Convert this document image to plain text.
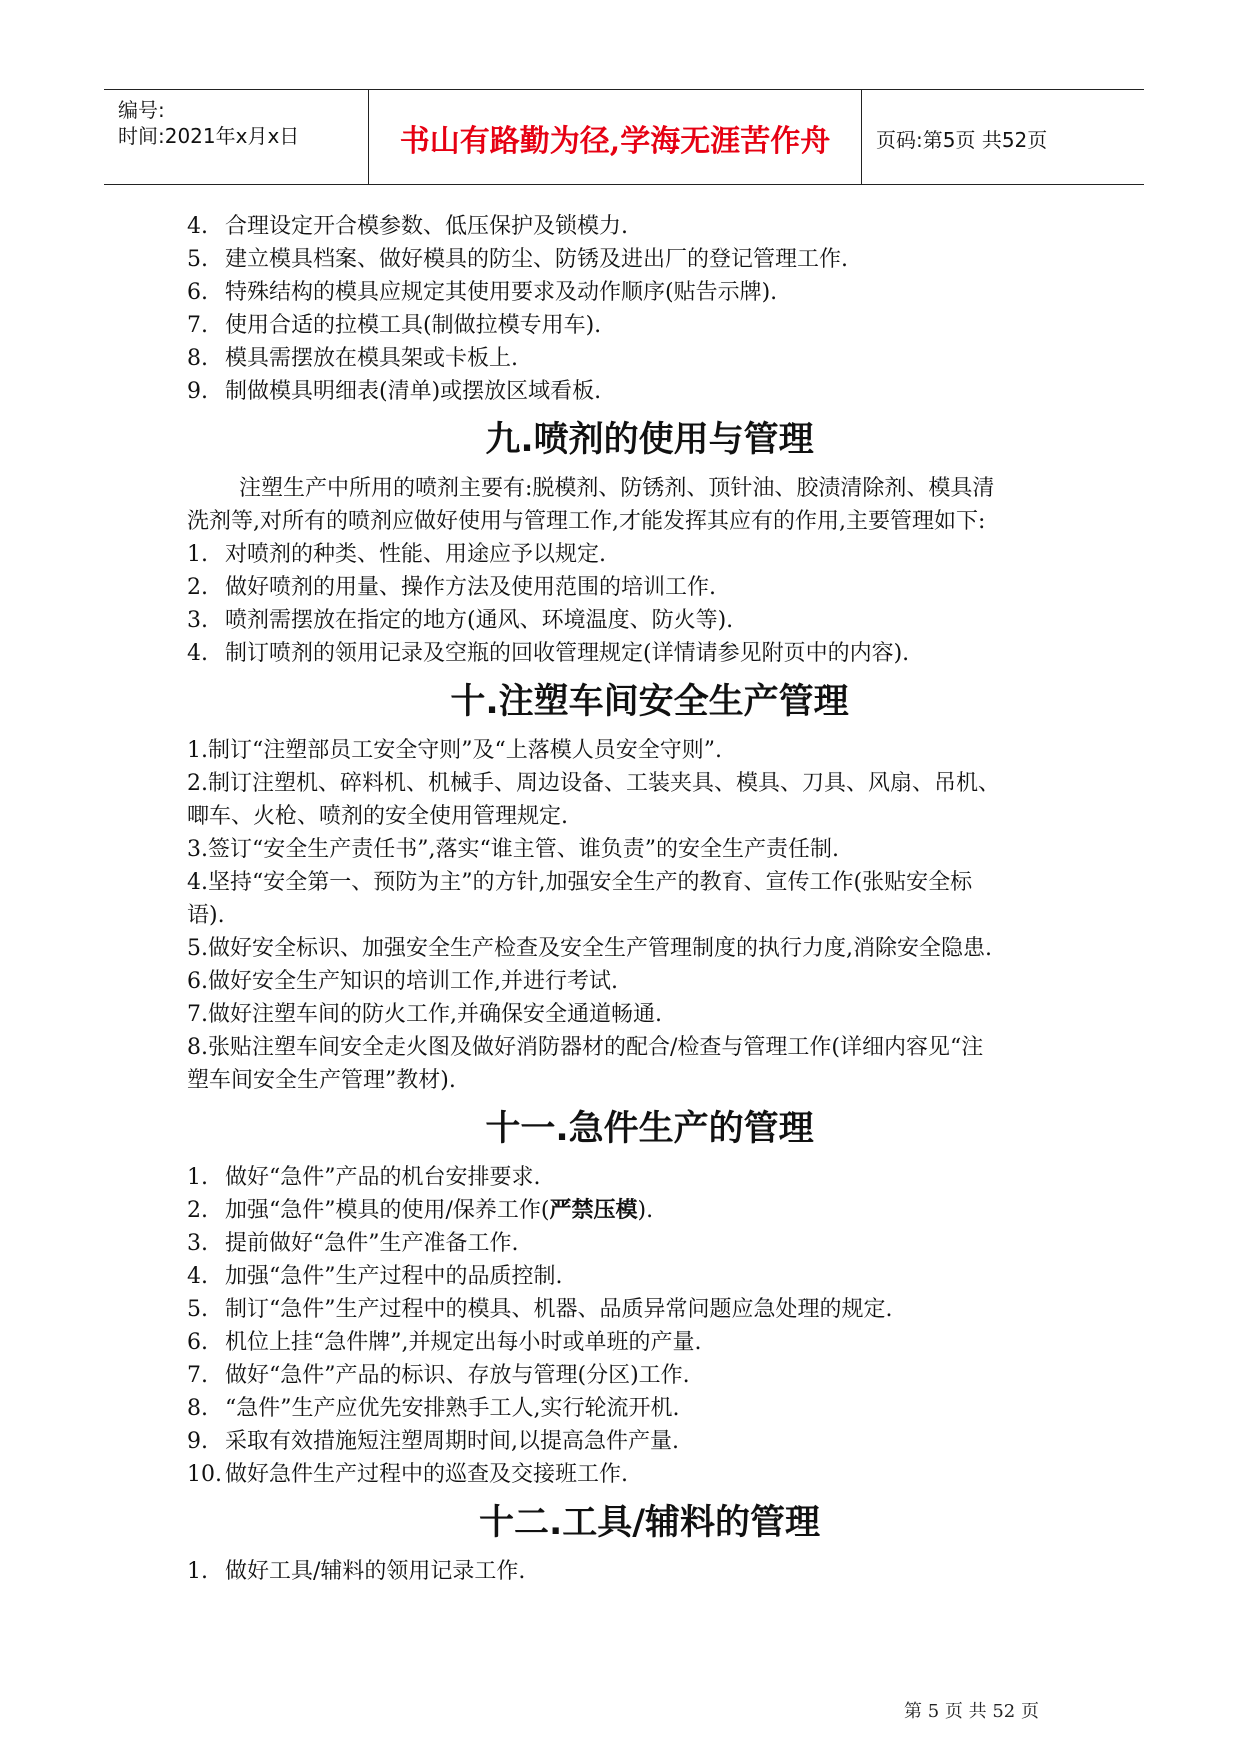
编号:
时间:2021年x月x日	书山有路勤为径,学海无涯苦作舟	页码:第5页 共52页
4. 合理设定开合模参数、低压保护及锁模力.
5. 建立模具档案、做好模具的防尘、防锈及进出厂的登记管理工作.
6. 特殊结构的模具应规定其使用要求及动作顺序(贴告示牌).
7. 使用合适的拉模工具(制做拉模专用车).
8. 模具需摆放在模具架或卡板上.
9. 制做模具明细表(清单)或摆放区域看板.
九.喷剂的使用与管理
注塑生产中所用的喷剂主要有:脱模剂、防锈剂、顶针油、胶渍清除剂、模具清
洗剂等,对所有的喷剂应做好使用与管理工作,才能发挥其应有的作用,主要管理如下:
1. 对喷剂的种类、性能、用途应予以规定.
2. 做好喷剂的用量、操作方法及使用范围的培训工作.
3. 喷剂需摆放在指定的地方(通风、环境温度、防火等).
4. 制订喷剂的领用记录及空瓶的回收管理规定(详情请参见附页中的内容).
十.注塑车间安全生产管理
1.制订“注塑部员工安全守则”及“上落模人员安全守则”.
2.制订注塑机、碎料机、机械手、周边设备、工装夹具、模具、刀具、风扇、吊机、
唧车、火枪、喷剂的安全使用管理规定.
3.签订“安全生产责任书”,落实“谁主管、谁负责”的安全生产责任制.
4.坚持“安全第一、预防为主”的方针,加强安全生产的教育、宣传工作(张贴安全标
语).
5.做好安全标识、加强安全生产检查及安全生产管理制度的执行力度,消除安全隐患.
6.做好安全生产知识的培训工作,并进行考试.
7.做好注塑车间的防火工作,并确保安全通道畅通.
8.张贴注塑车间安全走火图及做好消防器材的配合/检查与管理工作(详细内容见“注
塑车间安全生产管理”教材).
十一.急件生产的管理
1. 做好“急件”产品的机台安排要求.
2. 加强“急件”模具的使用/保养工作(严禁压模).
3. 提前做好“急件”生产准备工作.
4. 加强“急件”生产过程中的品质控制.
5. 制订“急件”生产过程中的模具、机器、品质异常问题应急处理的规定.
6. 机位上挂“急件牌”,并规定出每小时或单班的产量.
7. 做好“急件”产品的标识、存放与管理(分区)工作.
8. “急件”生产应优先安排熟手工人,实行轮流开机.
9. 采取有效措施短注塑周期时间,以提高急件产量.
10. 做好急件生产过程中的巡查及交接班工作.
十二.工具/辅料的管理
1. 做好工具/辅料的领用记录工作.
第 5 页 共 52 页
